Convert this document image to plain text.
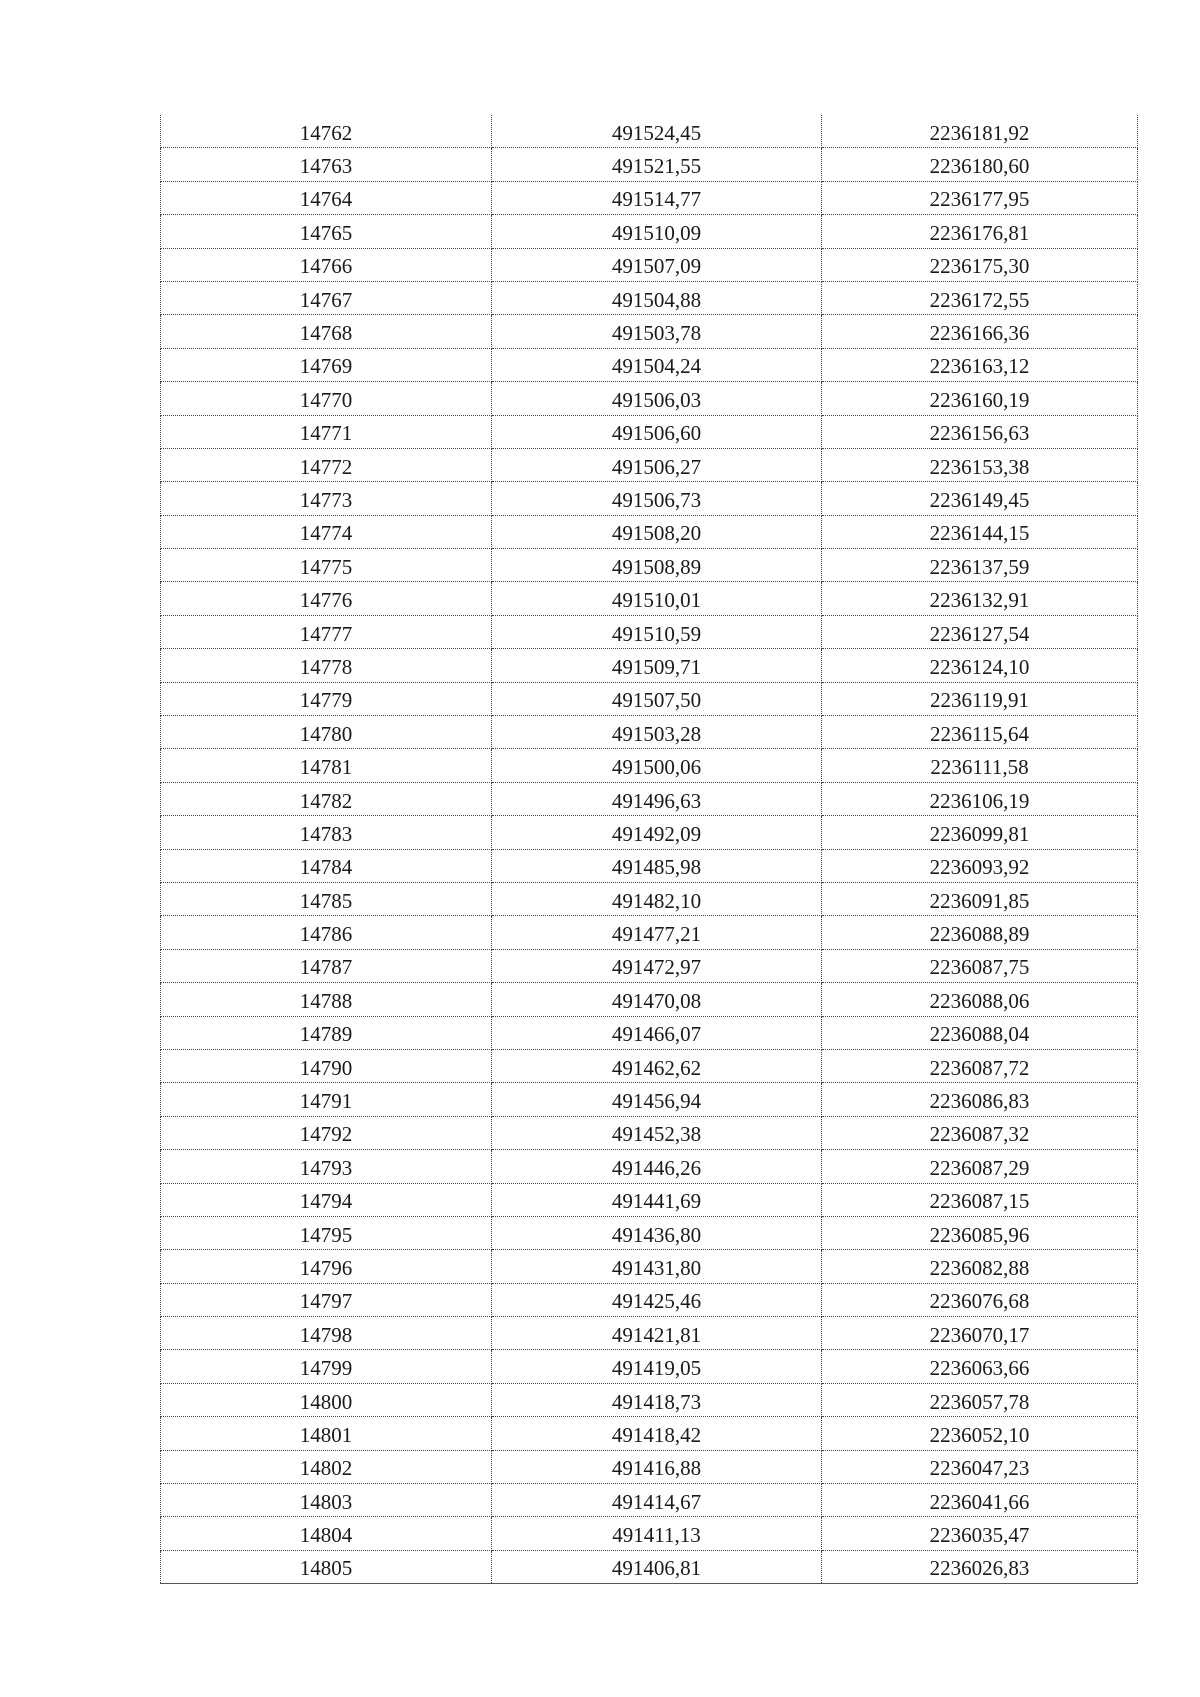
14762	491524,45	2236181,92
14763	491521,55	2236180,60
14764	491514,77	2236177,95
14765	491510,09	2236176,81
14766	491507,09	2236175,30
14767	491504,88	2236172,55
14768	491503,78	2236166,36
14769	491504,24	2236163,12
14770	491506,03	2236160,19
14771	491506,60	2236156,63
14772	491506,27	2236153,38
14773	491506,73	2236149,45
14774	491508,20	2236144,15
14775	491508,89	2236137,59
14776	491510,01	2236132,91
14777	491510,59	2236127,54
14778	491509,71	2236124,10
14779	491507,50	2236119,91
14780	491503,28	2236115,64
14781	491500,06	2236111,58
14782	491496,63	2236106,19
14783	491492,09	2236099,81
14784	491485,98	2236093,92
14785	491482,10	2236091,85
14786	491477,21	2236088,89
14787	491472,97	2236087,75
14788	491470,08	2236088,06
14789	491466,07	2236088,04
14790	491462,62	2236087,72
14791	491456,94	2236086,83
14792	491452,38	2236087,32
14793	491446,26	2236087,29
14794	491441,69	2236087,15
14795	491436,80	2236085,96
14796	491431,80	2236082,88
14797	491425,46	2236076,68
14798	491421,81	2236070,17
14799	491419,05	2236063,66
14800	491418,73	2236057,78
14801	491418,42	2236052,10
14802	491416,88	2236047,23
14803	491414,67	2236041,66
14804	491411,13	2236035,47
14805	491406,81	2236026,83
